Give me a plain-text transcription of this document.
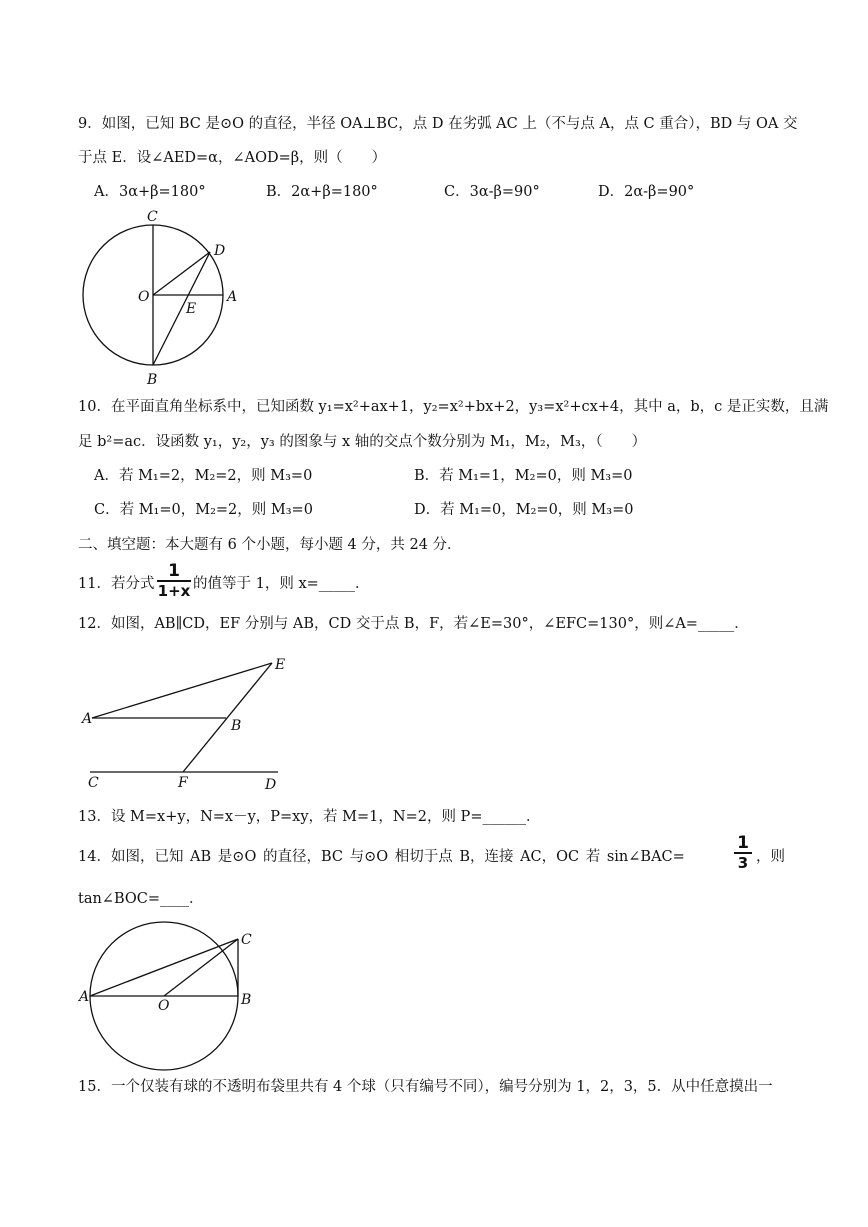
9．如图，已知 BC 是⊙O 的直径，半径 OA⊥BC，点 D 在劣弧 AC 上（不与点 A，点 C 重合），BD 与 OA 交
于点 E．设∠AED=α，∠AOD=β，则（　　）
A．3α+β=180°	B．2α+β=180°	C．3α-β=90°	D．2α-β=90°
C
D
O
E
A
B
10．在平面直角坐标系中，已知函数 y₁=x²+ax+1，y₂=x²+bx+2，y₃=x²+cx+4，其中 a，b，c 是正实数，且满
足 b²=ac．设函数 y₁，y₂，y₃ 的图象与 x 轴的交点个数分别为 M₁，M₂，M₃，（　　）
A．若 M₁=2，M₂=2，则 M₃=0	B．若 M₁=1，M₂=0，则 M₃=0
C．若 M₁=0，M₂=2，则 M₃=0	D．若 M₁=0，M₂=0，则 M₃=0
二、填空题：本大题有 6 个小题，每小题 4 分，共 24 分．
11．若分式 $\frac{1}{1+x}$ 的值等于 1，则 x=_____．
12．如图，AB∥CD，EF 分别与 AB，CD 交于点 B，F，若∠E=30°，∠EFC=130°，则∠A=_____．
E
A	B
C	F	D
13．设 M=x+y，N=x－y，P=xy，若 M=1，N=2，则 P=______．
14．如图，已知 AB 是⊙O 的直径，BC 与⊙O 相切于点 B，连接 AC，OC 若 sin∠BAC=	$\frac{1}{3}$ ，则
tan∠BOC=____．
C
A
O	B
15．一个仅装有球的不透明布袋里共有 4 个球（只有编号不同），编号分别为 1，2，3，5．从中任意摸出一
